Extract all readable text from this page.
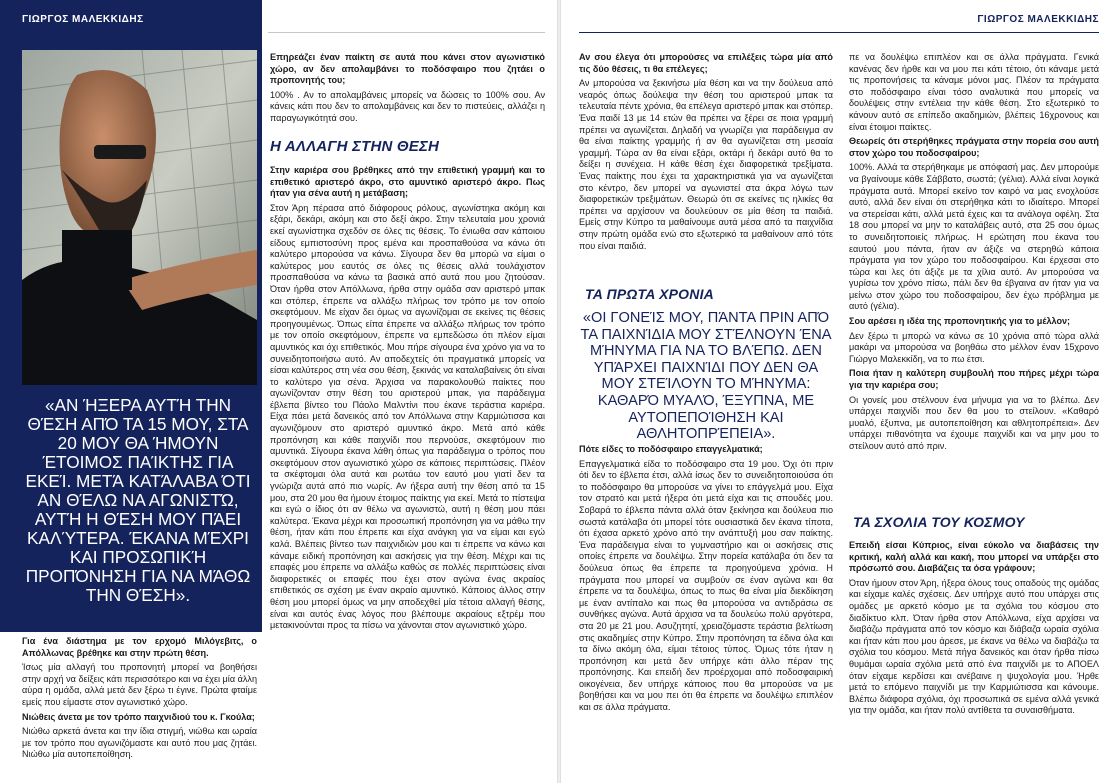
ΓΙΩΡΓΟΣ ΜΑΛΕΚΚΙΔΗΣ
«ΑΝ ΉΞΕΡΑ ΑΥΤΉ ΤΗΝ ΘΈΣΗ ΑΠΌ ΤΑ 15 ΜΟΥ, ΣΤΑ 20 ΜΟΥ ΘΑ ΉΜΟΥΝ ΈΤΟΙΜΟΣ ΠΑΊΚΤΗΣ ΓΙΑ ΕΚΕΊ. ΜΕΤΆ ΚΑΤΆΛΑΒΑ ΌΤΙ ΑΝ ΘΈΛΩ ΝΑ ΑΓΩΝΙΣΤΏ, ΑΥΤΉ Η ΘΈΣΗ ΜΟΥ ΠΆΕΙ ΚΑΛΎΤΕΡΑ. ΈΚΑΝΑ ΜΈΧΡΙ ΚΑΙ ΠΡΟΣΩΠΙΚΉ ΠΡΟΠΌΝΗΣΗ ΓΙΑ ΝΑ ΜΆΘΩ ΤΗΝ ΘΈΣΗ».

Για ένα διάστημα με τον ερχομό Μιλόγεβιτς, ο Απόλλωνας βρέθηκε και στην πρώτη θέση.

Ίσως μία αλλαγή του προπονητή μπορεί να βοηθήσει στην αρχή να δείξεις κάτι περισσότερο και να έχει μία άλλη αύρα η ομάδα, αλλά μετά δεν ξέρω τι έγινε. Πρώτα φταίμε εμείς που είμαστε στον αγωνιστικό χώρο.

Νιώθεις άνετα με τον τρόπο παιχνιδιού του κ. Γκούλα;

Νιώθω αρκετά άνετα και την ίδια στιγμή, νιώθω και ωραία με τον τρόπο που αγωνιζόμαστε και αυτό που μας ζητάει. Νιώθω μία αυτοπεποίθηση.

Επηρεάζει έναν παίκτη σε αυτά που κάνει στον αγωνιστικό χώρο, αν δεν απολαμβάνει το ποδόσφαιρο που ζητάει ο προπονητής του;

100% . Αν το απολαμβάνεις μπορείς να δώσεις το 100% σου. Αν κάνεις κάτι που δεν το απολαμβάνεις και δεν το πιστεύεις, αλλάζει η παραγωγικότητά σου.

Η ΑΛΛΑΓΗ ΣΤΗΝ ΘΕΣΗ

Στην καριέρα σου βρέθηκες από την επιθετική γραμμή και το επιθετικό αριστερό άκρο, στο αμυντικό αριστερό άκρο. Πως ήταν για σένα αυτή η μετάβαση;

Στον Άρη πέρασα από διάφορους ρόλους, αγωνίστηκα ακόμη και εξάρι, δεκάρι, ακόμη και στο δεξί άκρο. Στην τελευταία μου χρονιά εκεί αγωνίστηκα σχεδόν σε όλες τις θέσεις. Το ένιωθα σαν κάποιου είδους εμπιστοσύνη προς εμένα και προσπαθούσα να κάνω ότι καλύτερο μπορούσα να κάνω. Σίγουρα δεν θα μπορώ να είμαι ο καλύτερος μου εαυτός σε όλες τις θέσεις αλλά τουλάχιστον προσπαθούσα να κάνω τα βασικά από αυτά που μου ζητούσαν. Όταν ήρθα στον Απόλλωνα, ήρθα στην ομάδα σαν αριστερό μπακ και στόπερ, έπρεπε να αλλάξω πλήρως τον τρόπο με τον οποίο σκεφτόμουν. Με είχαν δει όμως να αγωνίζομαι σε εκείνες τις θέσεις προηγουμένως. Όπως είπα έπρεπε να αλλάξω πλήρως τον τρόπο με τον οποίο σκεφτόμουν, έπρεπε να εμπεδώσω ότι πλέον είμαι αμυντικός και όχι επιθετικός. Μου πήρε σίγουρα ένα χρόνο για να το συνειδητοποιήσω αυτό. Αν αποδεχτείς ότι πραγματικά μπορείς να είσαι καλύτερος στη νέα σου θέση, ξεκινάς να καταλαβαίνεις ότι είναι το καλύτερο για σένα. Άρχισα να παρακολουθώ παίκτες που αγωνίζονταν στην θέση του αριστερού μπακ, για παράδειγμα έβλεπα βίντεο του Πάολο Μαλντίνι που έκανε τεράστια καριέρα. Είχα πάει μετά δανεικός από τον Απόλλωνα στην Καρμιώτισσα και αγωνιζόμουν στο αριστερό αμυντικό άκρο. Μετά από κάθε προπόνηση και κάθε παιχνίδι που περνούσε, σκεφτόμουν πιο αμυντικά. Σίγουρα έκανα λάθη όπως για παράδειγμα ο τρόπος που σκεφτόμουν στον αγωνιστικό χώρο σε κάποιες περιπτώσεις. Πλέον τα σκέφτομαι όλα αυτά και ρωτάω τον εαυτό μου γιατί δεν τα γνώριζα αυτά από πιο νωρίς. Αν ήξερα αυτή την θέση από τα 15 μου, στα 20 μου θα ήμουν έτοιμος παίκτης για εκεί. Μετά το πίστεψα και εγώ ο ίδιος ότι αν θέλω να αγωνιστώ, αυτή η θέση μου πάει καλύτερα. Έκανα μέχρι και προσωπική προπόνηση για να μάθω την θέση, ήταν κάτι που έπρεπε και είχα ανάγκη για να είμαι και εγώ καλά. Βλέπεις βίντεο των παιχνιδιών μου και τι έπρεπε να κάνω και κάναμε ειδική προπόνηση και ασκήσεις για την θέση. Μέχρι και τις επαφές μου έπρεπε να αλλάξω καθώς σε πολλές περιπτώσεις είναι διαφορετικές οι επαφές που έχει στον αγώνα ένας ακραίος επιθετικός σε σχέση με έναν ακραίο αμυντικό. Κάποιος άλλος στην θέση μου μπορεί όμως να μην αποδεχθεί μία τέτοια αλλαγή θέσης, είναι και αυτός ένας λόγος που βλέπουμε ακραίους εξτρέμ που μετακινούνται προς τα πίσω να χάνονται στον αγωνιστικό χώρο.

ΓΙΩΡΓΟΣ ΜΑΛΕΚΚΙΔΗΣ

Αν σου έλεγα ότι μπορούσες να επιλέξεις τώρα μία από τις δύο θέσεις, τι θα επέλεγες;

Αν μπορούσα να ξεκινήσω μία θέση και να την δούλευα από νεαρός όπως δούλεψα την θέση του αριστερού μπακ τα τελευταία πέντε χρόνια, θα επέλεγα αριστερό μπακ και στόπερ. Ένα παιδί 13 με 14 ετών θα πρέπει να ξέρει σε ποια γραμμή πρέπει να αγωνίζεται. Δηλαδή να γνωρίζει για παράδειγμα αν θα είναι παίκτης γραμμής ή αν θα αγωνίζεται στη μεσαία γραμμή. Τώρα αν θα είναι εξάρι, οκτάρι ή δεκάρι αυτό θα το δείξει η συνέχεια. Η κάθε θέση έχει διαφορετικά τρεξίματα. Ένας παίκτης που έχει τα χαρακτηριστικά για να αγωνίζεται στο κέντρο, δεν μπορεί να αγωνιστεί στα άκρα λόγω των διαφορετικών τρεξιμάτων. Θεωρώ ότι σε εκείνες τις ηλικίες θα πρέπει να αρχίσουν να δουλεύουν σε μία θέση τα παιδιά. Εμείς στην Κύπρο τα μαθαίνουμε αυτά μέσα από τα παιχνίδια στην πρώτη ομάδα ενώ στο εξωτερικό τα μαθαίνουν από τότε που είναι παιδιά.

ΤΑ ΠΡΩΤΑ ΧΡΟΝΙΑ
«ΟΙ ΓΟΝΕΊΣ ΜΟΥ, ΠΆΝΤΑ ΠΡΙΝ ΑΠΌ ΤΑ ΠΑΙΧΝΊΔΙΑ ΜΟΥ ΣΤΈΛΝΟΥΝ ΈΝΑ ΜΉΝΥΜΑ ΓΙΑ ΝΑ ΤΟ ΒΛΈΠΩ. ΔΕΝ ΥΠΆΡΧΕΙ ΠΑΙΧΝΊΔΙ ΠΟΥ ΔΕΝ ΘΑ ΜΟΥ ΣΤΕΊΛΟΥΝ ΤΟ ΜΉΝΥΜΑ: ΚΑΘΑΡΌ ΜΥΑΛΌ, ΈΞΥΠΝΑ, ΜΕ ΑΥΤΟΠΕΠΟΊΘΗΣΗ ΚΑΙ ΑΘΛΗΤΟΠΡΈΠΕΙΑ».

Πότε είδες το ποδόσφαιρο επαγγελματικά;

Επαγγελματικά είδα το ποδόσφαιρο στα 19 μου. Όχι ότι πριν όti δεν το έβλεπα έτσι, αλλά ίσως δεν το συνειδητοποιούσα ότι το ποδόσφαιρο θα μπορούσε να γίνει το επάγγελμά μου. Είχα τον στρατό και μετά ήξερα ότι μετά είχα και τις σπουδές μου. Σοβαρά το έβλεπα πάντα αλλά όταν ξεκίνησα και δούλευα πιο σωστά κατάλαβα ότι μπορεί τότε ουσιαστικά δεν έκανα τίποτα, ότι έχασα αρκετό χρόνο από την ανάπτυξή μου σαν παίκτης. Ένα παράδειγμα είναι το γυμναστήριο και οι ασκήσεις στις οποίες έπρεπε να δουλέψω. Στην πορεία κατάλαβα ότι δεν τα δούλευα όπως θα έπρεπε τα προηγούμενα χρόνια. Η πράγματα που μπορεί να συμβούν σε έναν αγώνα και θα έπρεπε να τα δουλέψω, όπως το πως θα είναι μία διεκδίκηση με έναν αντίπαλο και πως θα μπορούσα να αντιδράσω σε συνθήκες αγώνα. Αυτά άρχισα να τα δουλεύω πολύ αργότερα, στα 20 με 21 μου. Ασυζητητί, χρειαζόμαστε τεράστια βελτίωση στις ακαδημίες στην Κύπρο. Στην προπόνηση τα έδινα όλα και τα δίνω ακόμη όλα, είμαι τέτοιος τύπος. Όμως τότε ήταν η προπόνηση και μετά δεν υπήρχε κάτι άλλο πέραν της προπόνησης. Και επειδή δεν προέρχομαι από ποδοσφαιρική οικογένεια, δεν υπήρχε κάποιος που θα μπορούσε να με βοηθήσει και να μου πει ότι θα έπρεπε να δουλέψω επιπλέον και σε άλλα πράγματα.

πε να δουλέψω επιπλέον και σε άλλα πράγματα. Γενικά κανένας δεν ήρθε και να μου πει κάτι τέτοιο, ότι κάναμε μετά τις προπονήσεις τα κάναμε μόνοι μας. Πλέον τα πράγματα στο ποδόσφαιρο είναι τόσο αναλυτικά που μπορείς να δουλέψεις στην εντέλεια την κάθε θέση. Στο εξωτερικό το κάνουν αυτό σε επίπεδο ακαδημιών, βλέπεις 16χρονους και είναι έτοιμοι παίκτες.

Θεωρείς ότι στερήθηκες πράγματα στην πορεία σου αυτή στον χώρο του ποδοσφαίρου;

100%. Αλλά τα στερήθηκαμε με απόφασή μας. Δεν μπορούμε να βγαίνουμε κάθε Σάββατο, σωστά; (γέλια). Αλλά είναι λογικά πράγματα αυτά. Μπορεί εκείνο τον καιρό να μας ενοχλούσε αυτό, αλλά δεν είναι ότι στερήθηκα κάτι το ιδιαίτερο. Μπορεί να στερείσαι κάτι, αλλά μετά έχεις και τα ανάλογα οφέλη. Στα 18 σου μπορεί να μην το καταλάβεις αυτό, στα 25 σου όμως το συνειδητοποιείς πλήρως. Η ερώτηση που έκανα του εαυτού μου πάντα, ήταν αν άξιζε να στερηθώ κάποια πράγματα για τον χώρο του ποδοσφαίρου. Και έρχεσαι στο τώρα και λες ότι άξιζε με τα χίλια αυτό. Αν μπορούσα να γυρίσω τον χρόνο πίσω, πάλι δεν θα έβγαινα αν ήταν για να μείνω στον χώρο του ποδοσφαίρου, δεν έχω πρόβλημα με αυτό (γέλια).

Σου αρέσει η ιδέα της προπονητικής για το μέλλον;

Δεν ξέρω τι μπορώ να κάνω σε 10 χρόνια από τώρα αλλά μακάρι να μπορούσα να βοηθάω στο μέλλον έναν 15χρονο Γιώργο Μαλεκκίδη, να το πω έτσι.

Ποια ήταν η καλύτερη συμβουλή που πήρες μέχρι τώρα για την καριέρα σου;

Οι γονείς μου στέλνουν ένα μήνυμα για να το βλέπω. Δεν υπάρχει παιχνίδι που δεν θα μου το στείλουν. «Καθαρό μυαλό, έξυπνα, με αυτοπεποίθηση και αθλητοπρέπεια». Δεν υπάρχει πιθανότητα να έχουμε παιχνίδι και να μην μου το στείλουν αυτό από πριν.

ΤΑ ΣΧΟΛΙΑ ΤΟΥ ΚΟΣΜΟΥ

Επειδή είσαι Κύπριος, είναι εύκολο να διαβάσεις την κριτική, καλή αλλά και κακή, που μπορεί να υπάρξει στο πρόσωπό σου. Διαβάζεις τα όσα γράφουν;

Όταν ήμουν στον Άρη, ήξερα όλους τους οπαδούς της ομάδας και είχαμε καλές σχέσεις. Δεν υπήρχε αυτό που υπάρχει στις ομάδες με αρκετό κόσμο με τα σχόλια του κόσμου στο διαδίκτυο κλπ. Όταν ήρθα στον Απόλλωνα, είχα αρχίσει να διαβάζω πράγματα από τον κόσμο και διάβαζα ωραία σχόλια και ήταν κάτι που μου άρεσε, με έκανε να θέλω να διαβάζω τα σχόλια του κόσμου. Μετά πήγα δανεικός και όταν ήρθα πίσω θυμάμαι ωραία σχόλια μετά από ένα παιχνίδι με το ΑΠΟΕΛ όταν είχαμε κερδίσει και ανέβαινε η ψυχολογία μου. Ήρθε μετά το επόμενο παιχνίδι με την Καρμιώτισσα και κάνουμε. Βλέπω διάφορα σχόλια, όχι προσωπικά σε εμένα αλλά γενικά για την ομάδα, και ήταν πολύ αντίθετα τα συναισθήματα.
